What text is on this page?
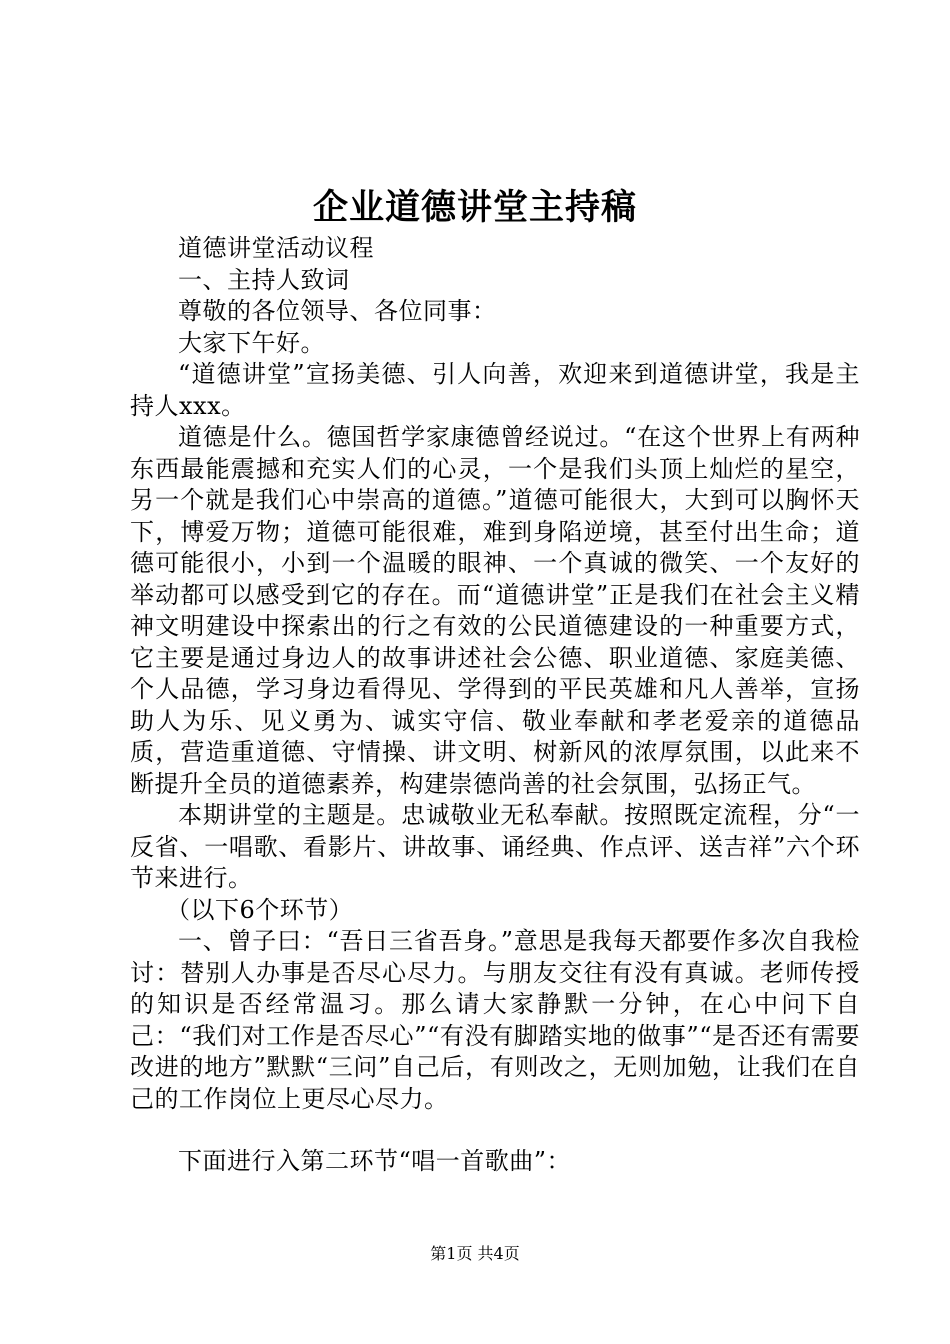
企业道德讲堂主持稿

道德讲堂活动议程

一、主持人致词

尊敬的各位领导、各位同事：

大家下午好。

“道德讲堂”宣扬美德、引人向善，欢迎来到道德讲堂，我是主持人xxx。

道德是什么。德国哲学家康德曾经说过。“在这个世界上有两种东西最能震撼和充实人们的心灵，一个是我们头顶上灿烂的星空，另一个就是我们心中崇高的道德。”道德可能很大，大到可以胸怀天下，博爱万物；道德可能很难，难到身陷逆境，甚至付出生命；道德可能很小，小到一个温暖的眼神、一个真诚的微笑、一个友好的举动都可以感受到它的存在。而“道德讲堂”正是我们在社会主义精神文明建设中探索出的行之有效的公民道德建设的一种重要方式，它主要是通过身边人的故事讲述社会公德、职业道德、家庭美德、个人品德，学习身边看得见、学得到的平民英雄和凡人善举，宣扬助人为乐、见义勇为、诚实守信、敬业奉献和孝老爱亲的道德品质，营造重道德、守情操、讲文明、树新风的浓厚氛围，以此来不断提升全员的道德素养，构建崇德尚善的社会氛围，弘扬正气。

本期讲堂的主题是。忠诚敬业无私奉献。按照既定流程，分“一反省、一唱歌、看影片、讲故事、诵经典、作点评、送吉祥”六个环节来进行。

（以下6个环节）

一、曾子曰：“吾日三省吾身。”意思是我每天都要作多次自我检讨：替别人办事是否尽心尽力。与朋友交往有没有真诚。老师传授的知识是否经常温习。那么请大家静默一分钟，在心中问下自己：“我们对工作是否尽心”“有没有脚踏实地的做事”“是否还有需要改进的地方”默默“三问”自己后，有则改之，无则加勉，让我们在自己的工作岗位上更尽心尽力。

下面进行入第二环节“唱一首歌曲”：

第1页 共4页
